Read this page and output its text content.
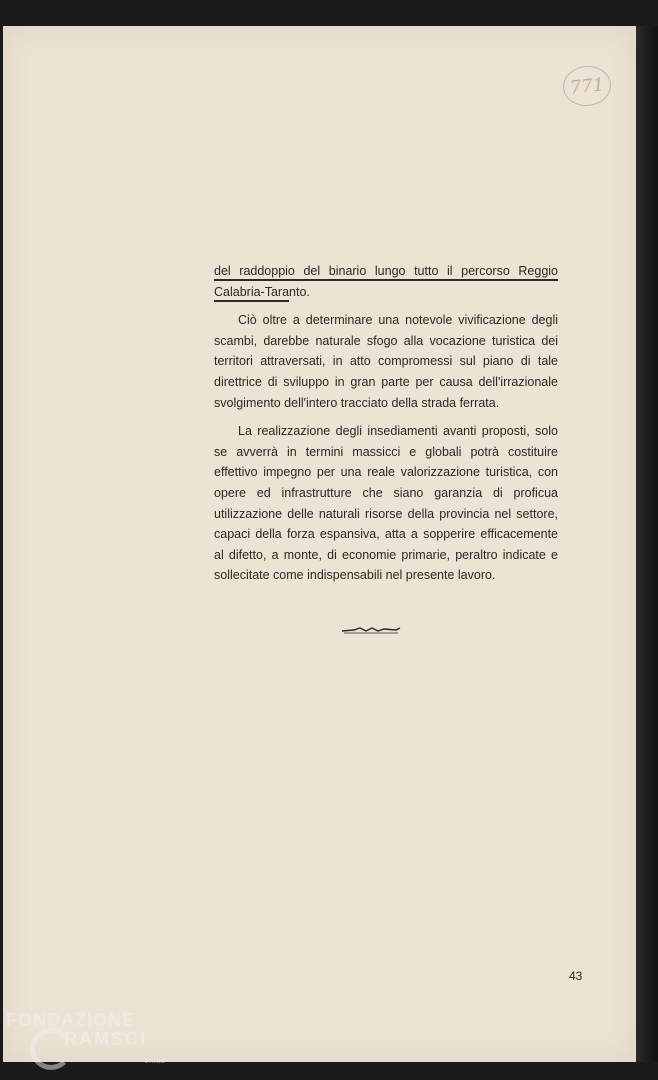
771
del raddoppio del binario lungo tutto il percorso Reggio Calabria-Taranto.

Ciò oltre a determinare una notevole vivificazione degli scambi, darebbe naturale sfogo alla vocazione turistica dei territori attraversati, in atto compromessi sul piano di tale direttrice di sviluppo in gran parte per causa dell'irrazionale svolgimento dell'intero tracciato della strada ferrata.

La realizzazione degli insediamenti avanti proposti, solo se avverrà in termini massicci e globali potrà costituire effettivo impegno per una reale valorizzazione turistica, con opere ed infrastrutture che siano garanzia di proficua utilizzazione delle naturali risorse della provincia nel settore, capaci della forza espansiva, atta a sopperire efficacemente al difetto, a monte, di economie primarie, peraltro indicate e sollecitate come indispensabili nel presente lavoro.

43
FONDAZIONE
RAMSCI
onlus
